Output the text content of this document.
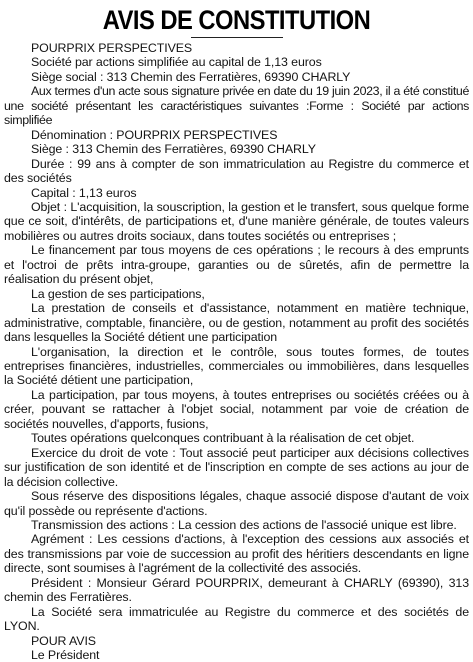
AVIS DE CONSTITUTION

POURPRIX PERSPECTIVES

Société par actions simplifiée au capital de 1,13 euros

Siège social : 313 Chemin des Ferratières, 69390 CHARLY

Aux termes d'un acte sous signature privée en date du 19 juin 2023, il a été constitué une société présentant les caractéristiques suivantes :Forme : Société par actions simplifiée

Dénomination : POURPRIX PERSPECTIVES

Siège : 313 Chemin des Ferratières, 69390 CHARLY

Durée : 99 ans à compter de son immatriculation au Registre du commerce et des sociétés

Capital : 1,13 euros

Objet : L'acquisition, la souscription, la gestion et le transfert, sous quelque forme que ce soit, d'intérêts, de participations et, d'une manière générale, de toutes valeurs mobilières ou autres droits sociaux, dans toutes sociétés ou entreprises ;

Le financement par tous moyens de ces opérations ; le recours à des emprunts et l'octroi de prêts intra-groupe, garanties ou de sûretés, afin de permettre la réalisation du présent objet,

La gestion de ses participations,

La prestation de conseils et d'assistance, notamment en matière technique, administrative, comptable, financière, ou de gestion, notamment au profit des sociétés dans lesquelles la Société détient une participation

L'organisation, la direction et le contrôle, sous toutes formes, de toutes entreprises financières, industrielles, commerciales ou immobilières, dans lesquelles la Société détient une participation,

La participation, par tous moyens, à toutes entreprises ou sociétés créées ou à créer, pouvant se rattacher à l'objet social, notamment par voie de création de sociétés nouvelles, d'apports, fusions,

Toutes opérations quelconques contribuant à la réalisation de cet objet.

Exercice du droit de vote : Tout associé peut participer aux décisions collectives sur justification de son identité et de l'inscription en compte de ses actions au jour de la décision collective.

Sous réserve des dispositions légales, chaque associé dispose d'autant de voix qu'il possède ou représente d'actions.

Transmission des actions : La cession des actions de l'associé unique est libre.

Agrément : Les cessions d'actions, à l'exception des cessions aux associés et des transmissions par voie de succession au profit des héritiers descendants en ligne directe, sont soumises à l'agrément de la collectivité des associés.

Président : Monsieur Gérard POURPRIX, demeurant à CHARLY (69390), 313 chemin des Ferratières.

La Société sera immatriculée au Registre du commerce et des sociétés de LYON.

POUR AVIS

Le Président
